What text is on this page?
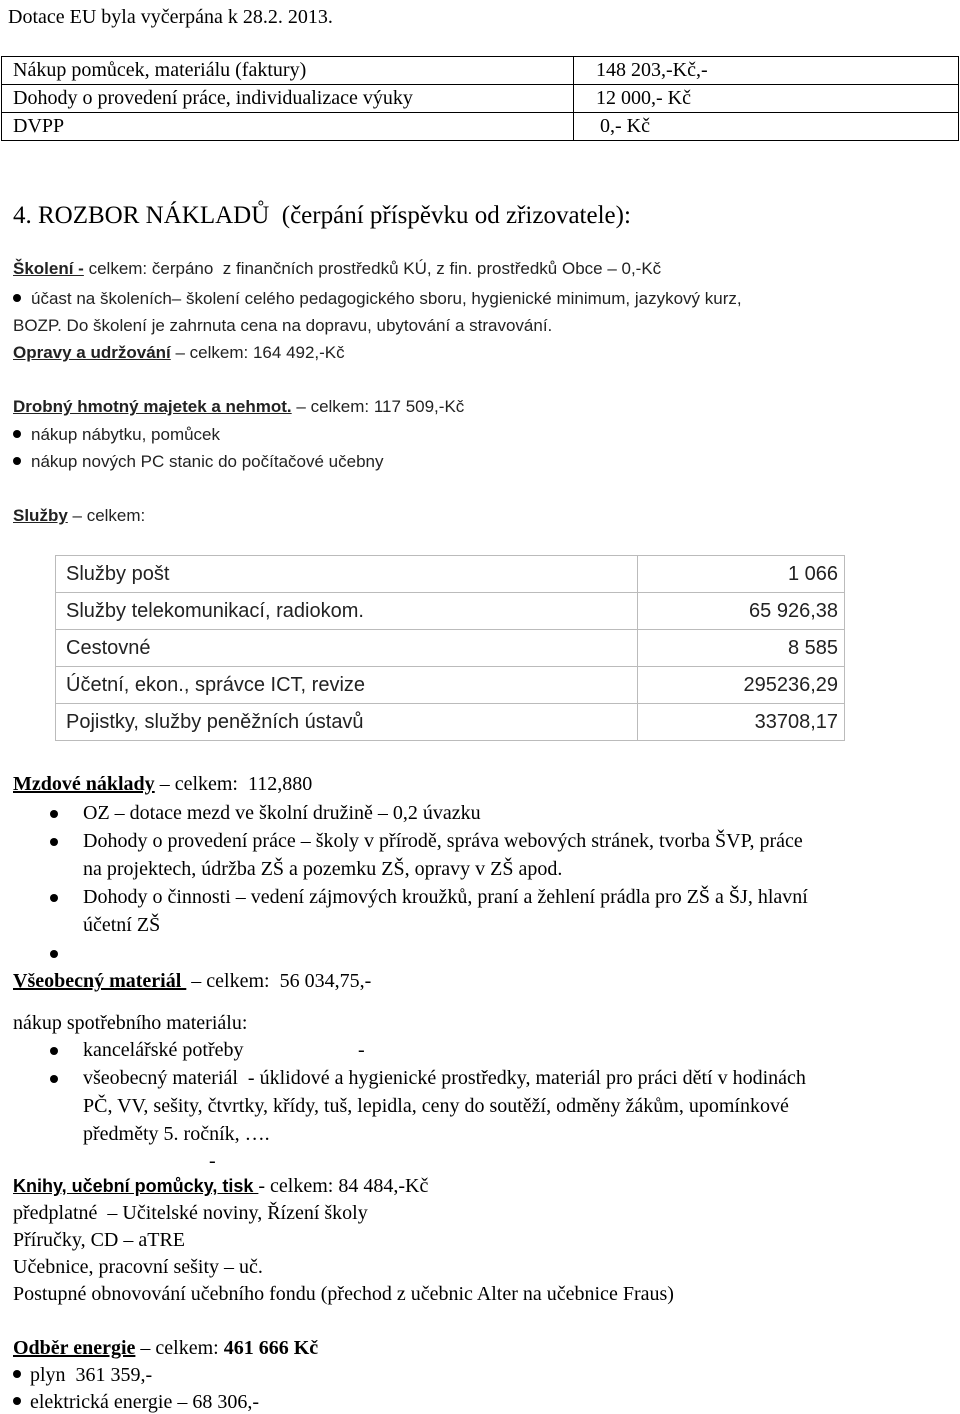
Dotace EU byla vyčerpána k 28.2. 2013.
Nákup pomůcek, materiálu (faktury)	148 203,-Kč,-
Dohody o provedení práce, individualizace výuky	12 000,- Kč
DVPP	0,- Kč
4. ROZBOR NÁKLADŮ  (čerpání příspěvku od zřizovatele):
Školení - celkem: čerpáno  z finančních prostředků KÚ, z fin. prostředků Obce – 0,-Kč
účast na školeních– školení celého pedagogického sboru, hygienické minimum, jazykový kurz,
BOZP. Do školení je zahrnuta cena na dopravu, ubytování a stravování.
Opravy a udržování – celkem: 164 492,-Kč
Drobný hmotný majetek a nehmot. – celkem: 117 509,-Kč
nákup nábytku, pomůcek
nákup nových PC stanic do počítačové učebny
Služby – celkem:
Služby pošt	1 066
Služby telekomunikací, radiokom.	65 926,38
Cestovné	8 585
Účetní, ekon., správce ICT, revize	295236,29
Pojistky, služby peněžních ústavů	33708,17
Mzdové náklady – celkem:  112,880
OZ – dotace mezd ve školní družině – 0,2 úvazku
Dohody o provedení práce – školy v přírodě, správa webových stránek, tvorba ŠVP, práce
na projektech, údržba ZŠ a pozemku ZŠ, opravy v ZŠ apod.
Dohody o činnosti – vedení zájmových kroužků, praní a žehlení prádla pro ZŠ a ŠJ, hlavní
účetní ZŠ
Všeobecný materiál  – celkem:  56 034,75,-
nákup spotřebního materiálu:
kancelářské potřeby	-
všeobecný materiál  - úklidové a hygienické prostředky, materiál pro práci dětí v hodinách
PČ, VV, sešity, čtvrtky, křídy, tuš, lepidla, ceny do soutěží, odměny žákům, upomínkové
předměty 5. ročník, ….
-
Knihy, učební pomůcky, tisk - celkem: 84 484,-Kč
předplatné  – Učitelské noviny, Řízení školy
Příručky, CD – aTRE
Učebnice, pracovní sešity – uč.
Postupné obnovování učebního fondu (přechod z učebnic Alter na učebnice Fraus)
Odběr energie – celkem: 461 666 Kč
plyn  361 359,-
elektrická energie – 68 306,-
